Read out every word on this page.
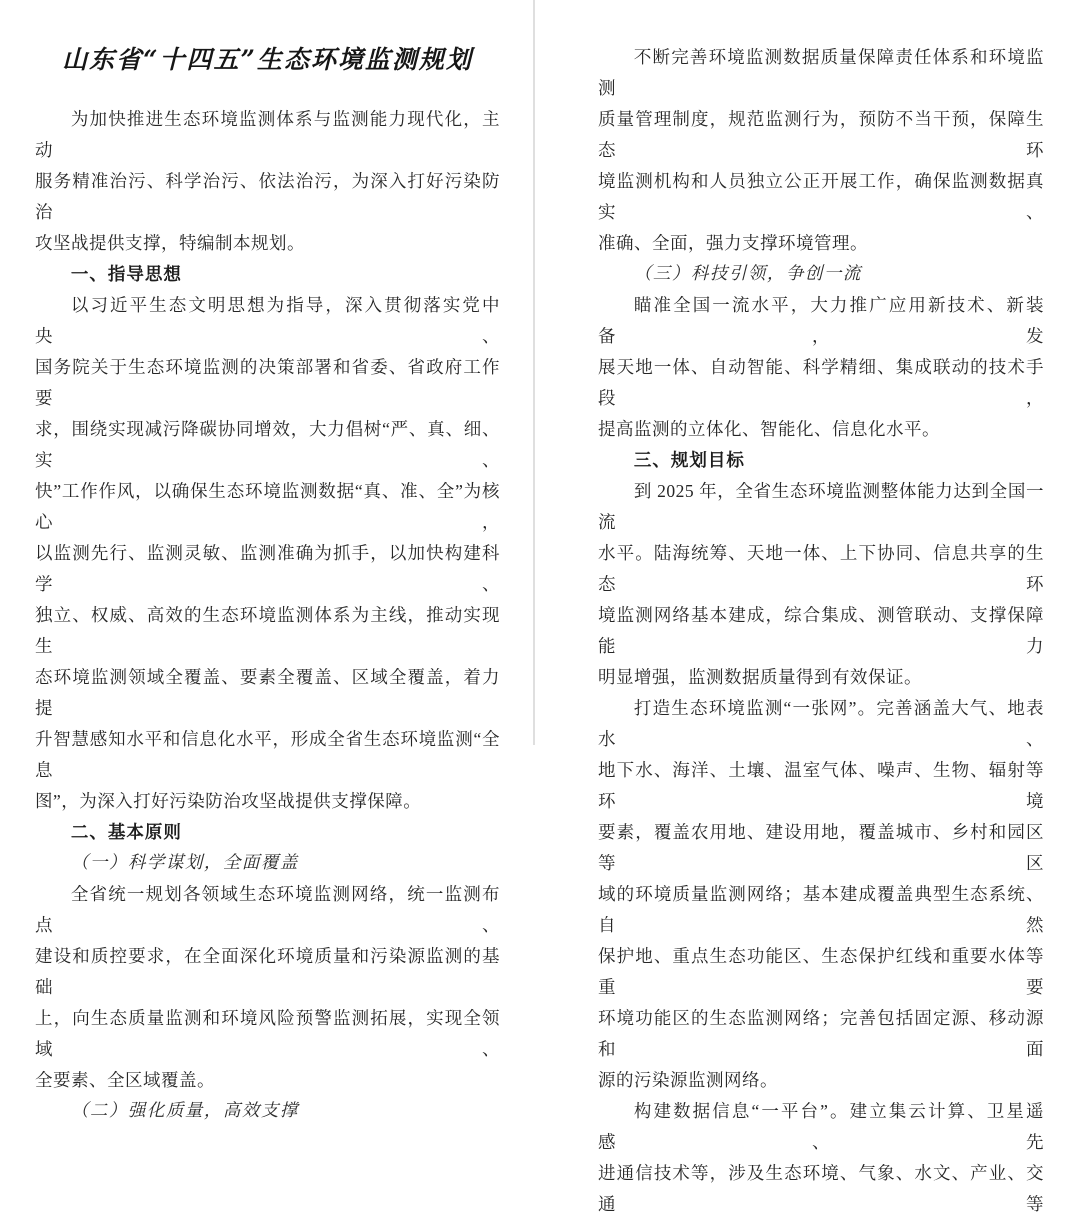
山东省“十四五”生态环境监测规划
为加快推进生态环境监测体系与监测能力现代化，主动
服务精准治污、科学治污、依法治污，为深入打好污染防治
攻坚战提供支撑，特编制本规划。
一、指导思想
以习近平生态文明思想为指导，深入贯彻落实党中央、
国务院关于生态环境监测的决策部署和省委、省政府工作要
求，围绕实现减污降碳协同增效，大力倡树“严、真、细、实、
快”工作作风，以确保生态环境监测数据“真、准、全”为核心，
以监测先行、监测灵敏、监测准确为抓手，以加快构建科学、
独立、权威、高效的生态环境监测体系为主线，推动实现生
态环境监测领域全覆盖、要素全覆盖、区域全覆盖，着力提
升智慧感知水平和信息化水平，形成全省生态环境监测“全息
图”，为深入打好污染防治攻坚战提供支撑保障。
二、基本原则
（一）科学谋划，全面覆盖
全省统一规划各领域生态环境监测网络，统一监测布点、
建设和质控要求，在全面深化环境质量和污染源监测的基础
上，向生态质量监测和环境风险预警监测拓展，实现全领域、
全要素、全区域覆盖。
（二）强化质量，高效支撑
不断完善环境监测数据质量保障责任体系和环境监测
质量管理制度，规范监测行为，预防不当干预，保障生态环
境监测机构和人员独立公正开展工作，确保监测数据真实、
准确、全面，强力支撑环境管理。
（三）科技引领，争创一流
瞄准全国一流水平，大力推广应用新技术、新装备，发
展天地一体、自动智能、科学精细、集成联动的技术手段，
提高监测的立体化、智能化、信息化水平。
三、规划目标
到 2025 年，全省生态环境监测整体能力达到全国一流
水平。陆海统筹、天地一体、上下协同、信息共享的生态环
境监测网络基本建成，综合集成、测管联动、支撑保障能力
明显增强，监测数据质量得到有效保证。
打造生态环境监测“一张网”。完善涵盖大气、地表水、
地下水、海洋、土壤、温室气体、噪声、生物、辐射等环境
要素，覆盖农用地、建设用地，覆盖城市、乡村和园区等区
域的环境质量监测网络；基本建成覆盖典型生态系统、自然
保护地、重点生态功能区、生态保护红线和重要水体等重要
环境功能区的生态监测网络；完善包括固定源、移动源和面
源的污染源监测网络。
构建数据信息“一平台”。建立集云计算、卫星遥感、先
进通信技术等，涉及生态环境、气象、水文、产业、交通等
